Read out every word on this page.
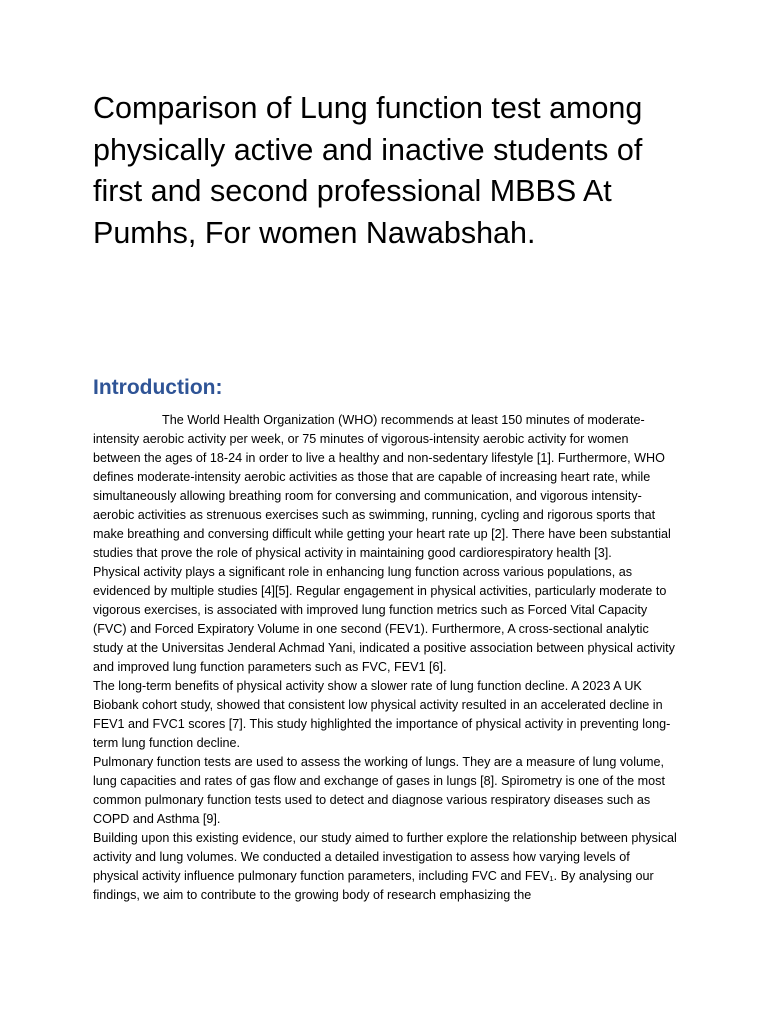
Comparison of Lung function test among physically active and inactive students of first and second professional MBBS At Pumhs, For women Nawabshah.
Introduction:

The World Health Organization (WHO) recommends at least 150 minutes of moderate-intensity aerobic activity per week, or 75 minutes of vigorous-intensity aerobic activity for women between the ages of 18-24 in order to live a healthy and non-sedentary lifestyle [1]. Furthermore, WHO defines moderate-intensity aerobic activities as those that are capable of increasing heart rate, while simultaneously allowing breathing room for conversing and communication, and vigorous intensity- aerobic activities as strenuous exercises such as swimming, running, cycling and rigorous sports that make breathing and conversing difficult while getting your heart rate up [2]. There have been substantial studies that prove the role of physical activity in maintaining good cardiorespiratory health [3].

Physical activity plays a significant role in enhancing lung function across various populations, as evidenced by multiple studies [4][5]. Regular engagement in physical activities, particularly moderate to vigorous exercises, is associated with improved lung function metrics such as Forced Vital Capacity (FVC) and Forced Expiratory Volume in one second (FEV1). Furthermore, A cross-sectional analytic study at the Universitas Jenderal Achmad Yani, indicated a positive association between physical activity and improved lung function parameters such as FVC, FEV1 [6].

The long-term benefits of physical activity show a slower rate of lung function decline. A 2023 A UK Biobank cohort study, showed that consistent low physical activity resulted in an accelerated decline in FEV1 and FVC1 scores [7]. This study highlighted the importance of physical activity in preventing long-term lung function decline.

Pulmonary function tests are used to assess the working of lungs. They are a measure of lung volume, lung capacities and rates of gas flow and exchange of gases in lungs [8]. Spirometry is one of the most common pulmonary function tests used to detect and diagnose various respiratory diseases such as COPD and Asthma [9].

Building upon this existing evidence, our study aimed to further explore the relationship between physical activity and lung volumes. We conducted a detailed investigation to assess how varying levels of physical activity influence pulmonary function parameters, including FVC and FEV₁. By analysing our findings, we aim to contribute to the growing body of research emphasizing the
